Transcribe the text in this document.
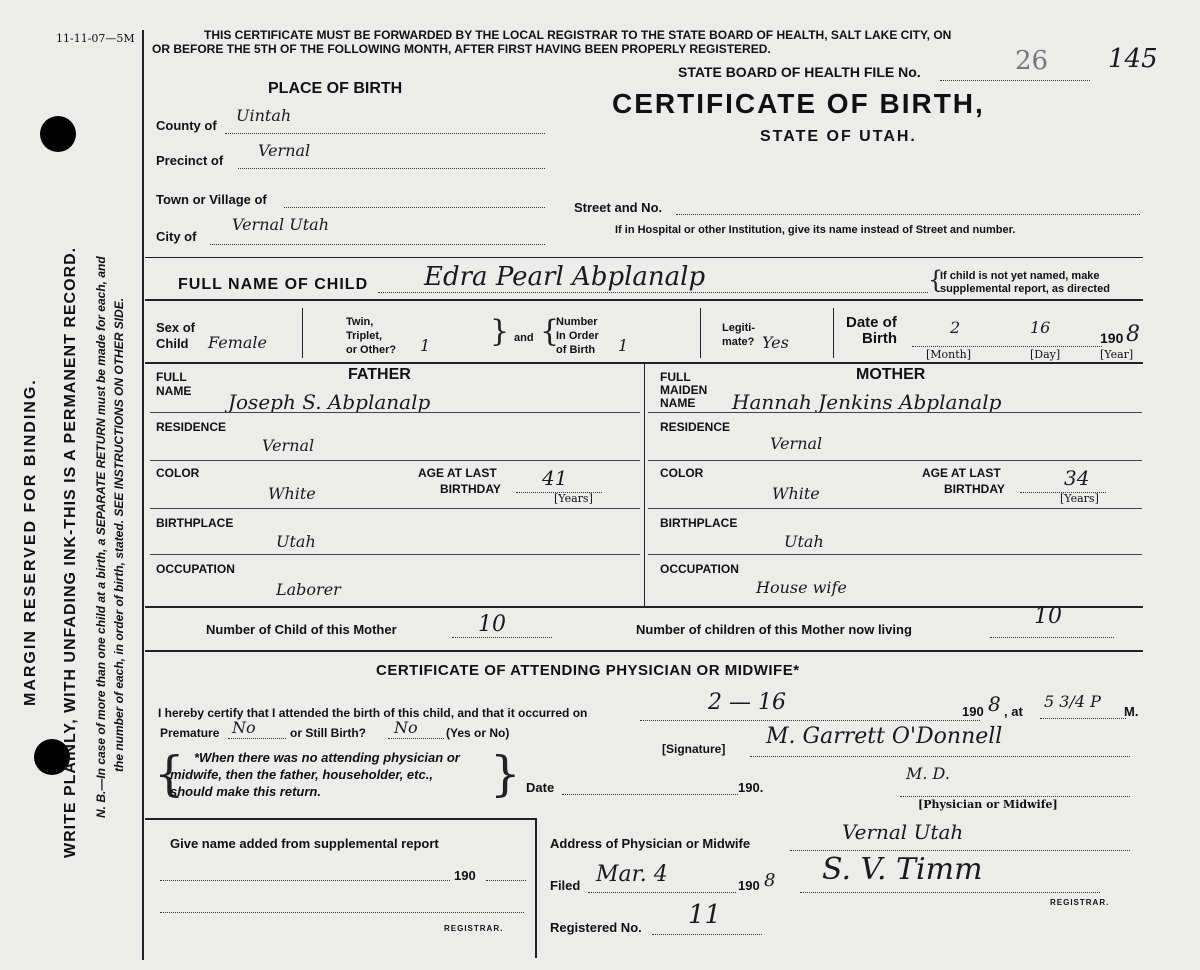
MARGIN RESERVED FOR BINDING. WRITE PLAINLY, WITH UNFADING INK-THIS IS A PERMANENT RECORD. N. B.—In case of more than one child at a birth, a SEPARATE RETURN must be made for each, and the number of each, in order of birth, stated. SEE INSTRUCTIONS ON OTHER SIDE.
11-11-07—5M	THIS CERTIFICATE MUST BE FORWARDED BY THE LOCAL REGISTRAR TO THE STATE BOARD OF HEALTH, SALT LAKE CITY, ON
OR BEFORE THE 5TH OF THE FOLLOWING MONTH, AFTER FIRST HAVING BEEN PROPERLY REGISTERED.
STATE BOARD OF HEALTH FILE No.	26 145
CERTIFICATE OF BIRTH,
STATE OF UTAH.
PLACE OF BIRTH
County of
Uintah
Precinct of
Vernal
Town or Village of
City of
Vernal Utah
Street and No.
If in Hospital or other Institution, give its name instead of Street and number.
FULL NAME OF CHILD Edra Pearl Abplanalp	{
If child is not yet named, make
supplemental report, as directed
Sex of
Child Female
Twin,
Triplet,
or Other? 1 } and {
Number
In Order
of Birth 1
Legiti-
mate? Yes
Date of
Birth
2	16
190 8
[Month]	[Day]	[Year]
FATHER
FULL
NAME Joseph S. Abplanalp
RESIDENCE
Vernal
COLOR
White
AGE AT LAST
BIRTHDAY 41
[Years]
BIRTHPLACE
Utah
OCCUPATION
Laborer
MOTHER
FULL
MAIDEN
NAME Hannah Jenkins Abplanalp
RESIDENCE
Vernal
COLOR
White
AGE AT LAST
BIRTHDAY	34
[Years]
BIRTHPLACE
Utah
OCCUPATION
House wife
Number of Child of this Mother	10	Number of children of this Mother now living
10
CERTIFICATE OF ATTENDING PHYSICIAN OR MIDWIFE*
I hereby certify that I attended the birth of this child, and that it occurred on	2 — 16	190 8 , at
5 3/4 P
M.
Premature No	or Still Birth? No (Yes or No)
{ *When there was no attending physician or
midwife, then the father, householder, etc.,
should make this return.	}	[Signature] M. Garrett O'Donnell
M. D.
Date	190.
[Physician or Midwife]
Give name added from supplemental report
190
REGISTRAR.
Address of Physician or Midwife	Vernal Utah
Filed Mar. 4	190 8 S. V. Timm
REGISTRAR.
Registered No. 11
